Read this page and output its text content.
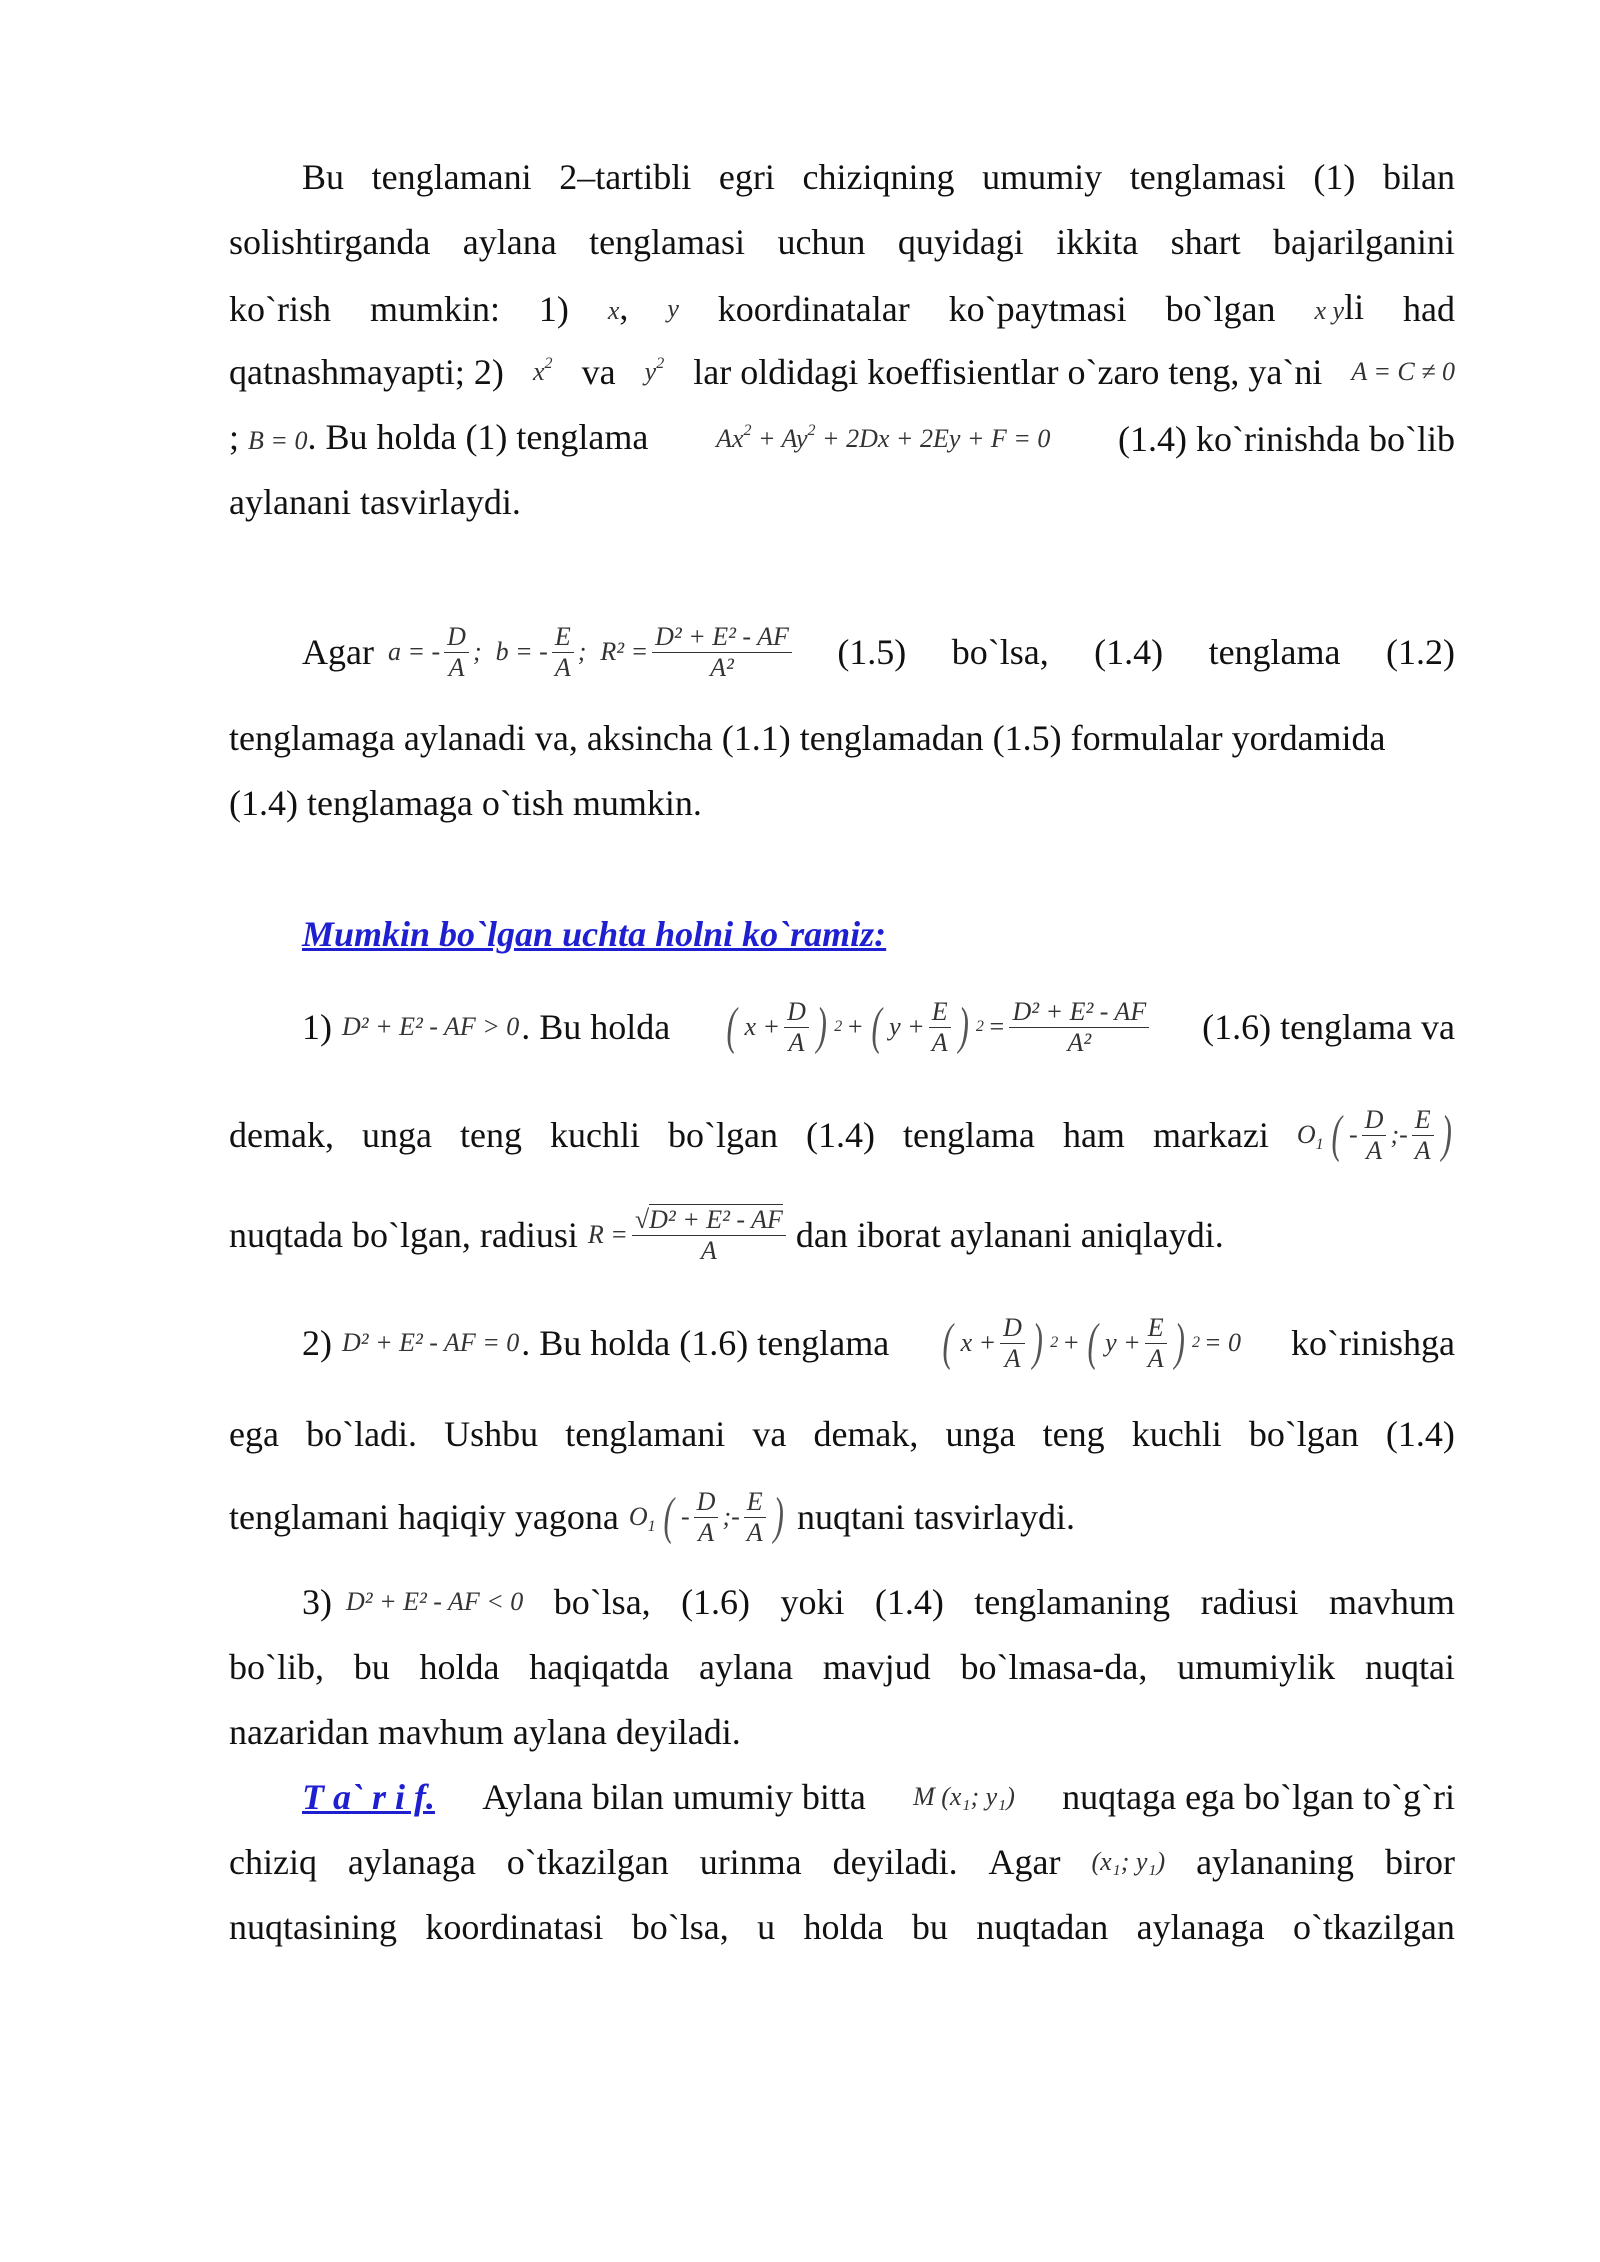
Bu tenglamani 2–tartibli egri chiziqning umumiy tenglamasi (1) bilan
solishtirganda aylana tenglamasi uchun quyidagi ikkita shart bajarilganini
ko`rish mumkin: 1) x, y koordinatalar ko`paytmasi bo`lgan x yli had
qatnashmayapti; 2) $x^2$ va $y^2$ lar oldidagi koeffisientlar o`zaro teng, ya`ni A = C ≠ 0
; B = 0. Bu holda (1) tenglama	$Ax^2 + Ay^2 + 2Dx + 2Ey + F = 0$ (1.4) ko`rinishda bo`lib
aylanani tasvirlaydi.
Agar a = - $\frac{D}{A}$ ; b = - $\frac{E}{A}$ ; $R^2 = \frac{\text{D² + E² - AF}}{\text{A²}} (1.5)$ bo`lsa, (1.4) tenglama (1.2)
tenglamaga aylanadi va, aksincha (1.1) tenglamadan (1.5) formulalar yordamida
(1.4) tenglamaga o`tish mumkin.
Mumkin bo`lgan uchta holni ko`ramiz:
1) D² + E² - AF > 0 . Bu holda ( $x + \frac{D}{A}$ ) 2 + ( $y + \frac{E}{A}$ ) $2 = \frac{\text{D² + E² - AF}}{\text{A²}} (1.6)$ tenglama va
demak, unga teng kuchli bo`lgan (1.4) tenglama ham markazi $O_1$ ( - $\frac{D}{A}$ ;- $\frac{E}{A}$ )
nuqtada bo`lgan, radiusi $R = \frac{\text{√D² + E² - AF}}{A}$ dan iborat aylanani aniqlaydi.
2) D² + E² - AF = 0 . Bu holda (1.6) tenglama ( $x + \frac{D}{A}$ ) 2 + ( $y + \frac{E}{A}$ ) 2 = 0 ko`rinishga
ega bo`ladi. Ushbu tenglamani va demak, unga teng kuchli bo`lgan (1.4)
tenglamani haqiqiy yagona $O_1$ ( - $\frac{D}{A}$ ;- $\frac{E}{A}$ ) nuqtani tasvirlaydi.
3) D² + E² - AF < 0 bo`lsa, (1.6) yoki (1.4) tenglamaning radiusi mavhum
bo`lib, bu holda haqiqatda aylana mavjud bo`lmasa-da, umumiylik nuqtai
nazaridan mavhum aylana deyiladi.
T a` r i f. Aylana bilan umumiy bitta M (x₁; y₁) nuqtaga ega bo`lgan to`g`ri
chiziq aylanaga o`tkazilgan urinma deyiladi. Agar (x₁; y₁) aylananing biror
nuqtasining koordinatasi bo`lsa, u holda bu nuqtadan aylanaga o`tkazilgan
